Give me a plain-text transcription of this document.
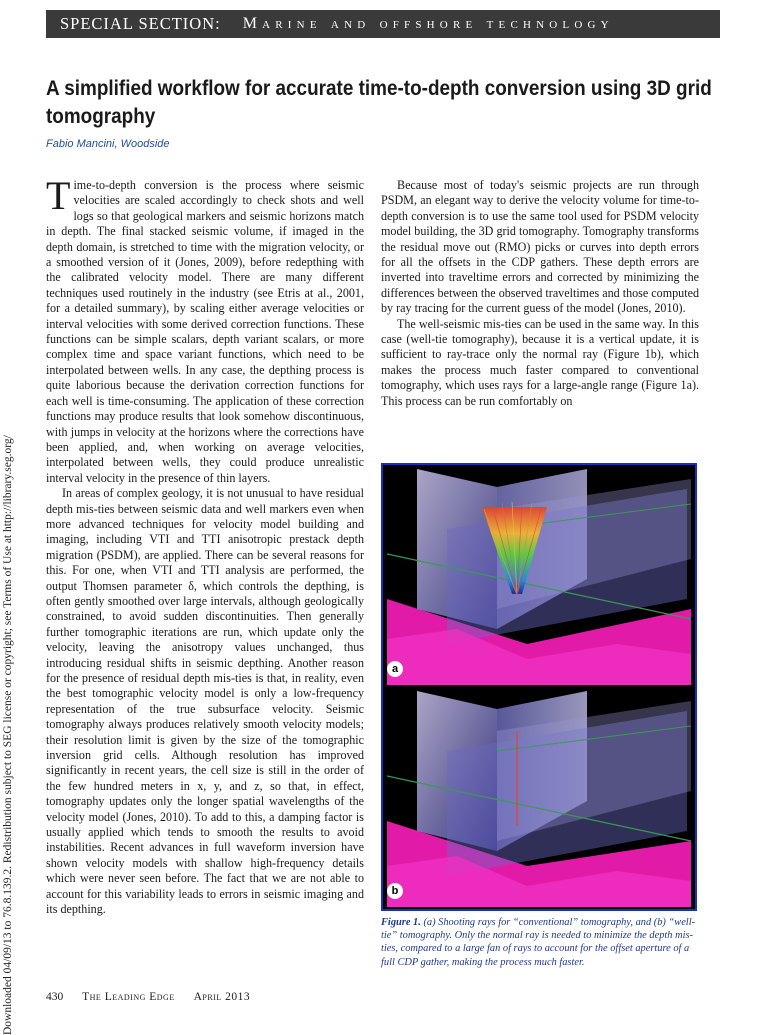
SPECIAL SECTION: Marine and offshore technology
A simplified workflow for accurate time-to-depth conversion using 3D grid tomography
Fabio Mancini, Woodside
Downloaded 04/09/13 to 76.8.139.2. Redistribution subject to SEG license or copyright; see Terms of Use at http://library.seg.org/

Time-to-depth conversion is the process where seismic velocities are scaled accordingly to check shots and well logs so that geological markers and seismic horizons match in depth. The final stacked seismic volume, if imaged in the depth domain, is stretched to time with the migration velocity, or a smoothed version of it (Jones, 2009), before redepthing with the calibrated velocity model. There are many different techniques used routinely in the industry (see Etris at al., 2001, for a detailed summary), by scaling either average velocities or interval velocities with some derived correction functions. These functions can be simple scalars, depth variant scalars, or more complex time and space variant functions, which need to be interpolated between wells. In any case, the depthing process is quite laborious because the derivation correction functions for each well is time-consuming. The application of these correction functions may produce results that look somehow discontinuous, with jumps in velocity at the horizons where the corrections have been applied, and, when working on average velocities, interpolated between wells, they could produce unrealistic interval velocity in the presence of thin layers.

In areas of complex geology, it is not unusual to have residual depth mis-ties between seismic data and well markers even when more advanced techniques for velocity model building and imaging, including VTI and TTI anisotropic prestack depth migration (PSDM), are applied. There can be several reasons for this. For one, when VTI and TTI analysis are performed, the output Thomsen parameter δ, which controls the depthing, is often gently smoothed over large intervals, although geologically constrained, to avoid sudden discontinuities. Then generally further tomographic iterations are run, which update only the velocity, leaving the anisotropy values unchanged, thus introducing residual shifts in seismic depthing. Another reason for the presence of residual depth mis-ties is that, in reality, even the best tomographic velocity model is only a low-frequency representation of the true subsurface velocity. Seismic tomography always produces relatively smooth velocity models; their resolution limit is given by the size of the tomographic inversion grid cells. Although resolution has improved significantly in recent years, the cell size is still in the order of the few hundred meters in x, y, and z, so that, in effect, tomography updates only the longer spatial wavelengths of the velocity model (Jones, 2010). To add to this, a damping factor is usually applied which tends to smooth the results to avoid instabilities. Recent advances in full waveform inversion have shown velocity models with shallow high-frequency details which were never seen before. The fact that we are not able to account for this variability leads to errors in seismic imaging and its depthing.

Because most of today's seismic projects are run through PSDM, an elegant way to derive the velocity volume for time-to-depth conversion is to use the same tool used for PSDM velocity model building, the 3D grid tomography. Tomography transforms the residual move out (RMO) picks or curves into depth errors for all the offsets in the CDP gathers. These depth errors are inverted into traveltime errors and corrected by minimizing the differences between the observed traveltimes and those computed by ray tracing for the current guess of the model (Jones, 2010).

The well-seismic mis-ties can be used in the same way. In this case (well-tie tomography), because it is a vertical update, it is sufficient to ray-trace only the normal ray (Figure 1b), which makes the process much faster compared to conventional tomography, which uses rays for a large-angle range (Figure 1a). This process can be run comfortably on

a
b
Figure 1. (a) Shooting rays for “conventional” tomography, and (b) “well-tie” tomography. Only the normal ray is needed to minimize the depth mis-ties, compared to a large fan of rays to account for the offset aperture of a full CDP gather, making the process much faster.
430 The Leading Edge April 2013
